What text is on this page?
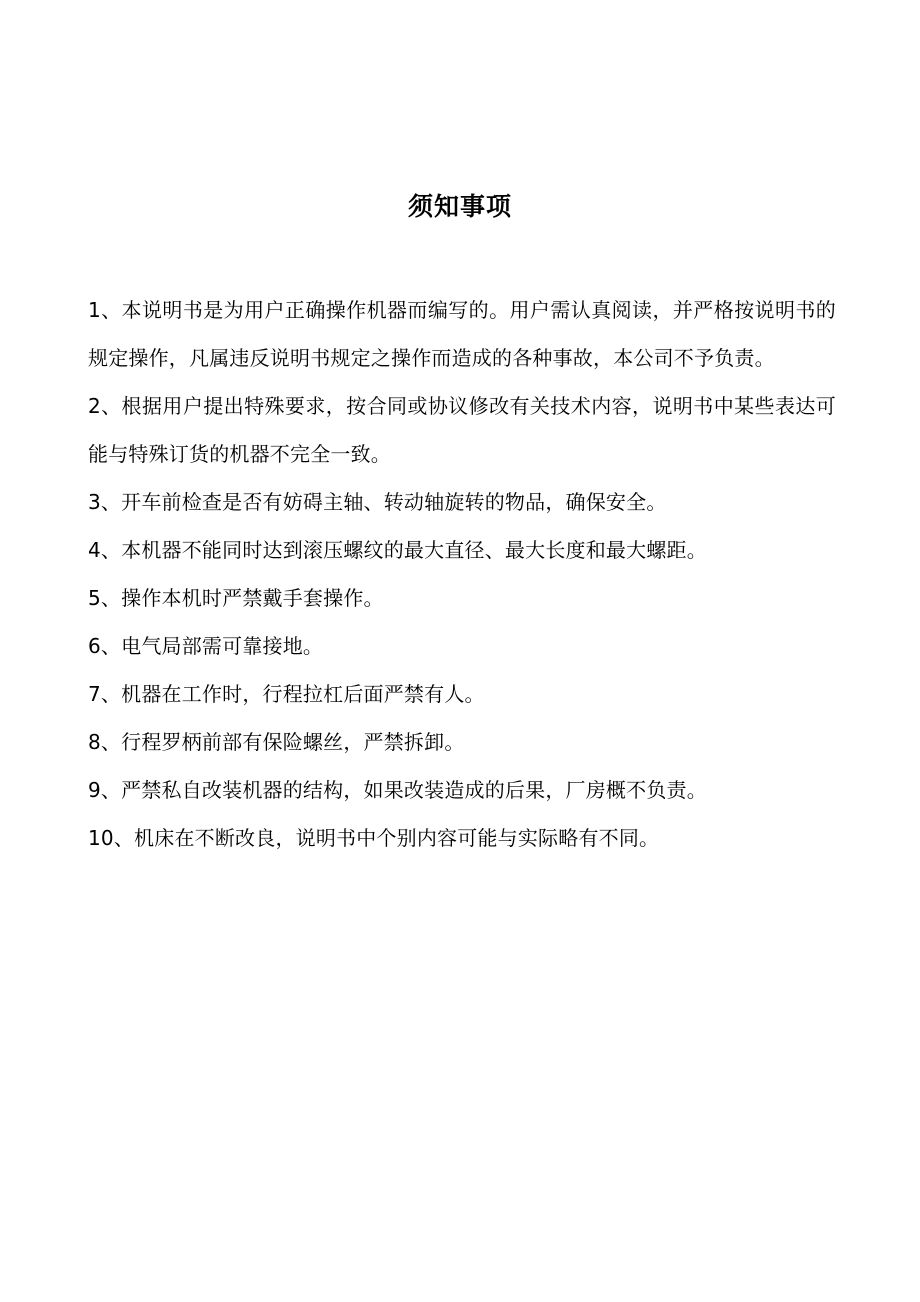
须知事项
1、本说明书是为用户正确操作机器而编写的。用户需认真阅读，并严格按说明书的规定操作，凡属违反说明书规定之操作而造成的各种事故，本公司不予负责。
2、根据用户提出特殊要求，按合同或协议修改有关技术内容，说明书中某些表达可能与特殊订货的机器不完全一致。
3、开车前检查是否有妨碍主轴、转动轴旋转的物品，确保安全。
4、本机器不能同时达到滚压螺纹的最大直径、最大长度和最大螺距。
5、操作本机时严禁戴手套操作。
6、电气局部需可靠接地。
7、机器在工作时，行程拉杠后面严禁有人。
8、行程罗柄前部有保险螺丝，严禁拆卸。
9、严禁私自改装机器的结构，如果改装造成的后果，厂房概不负责。
10、机床在不断改良，说明书中个别内容可能与实际略有不同。
